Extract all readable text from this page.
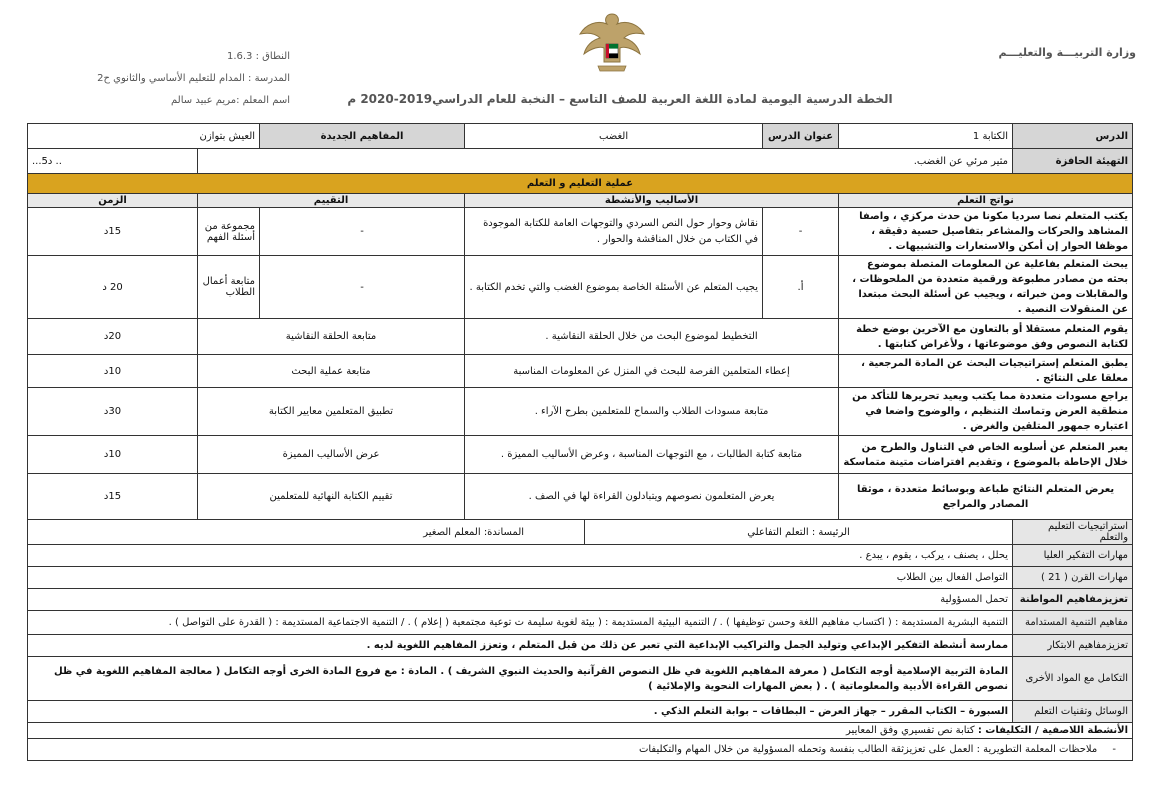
وزارة التربيـــة والتعليـــم
النطاق : 1.6.3
المدرسة : المدام للتعليم الأساسي والثانوي ح2
اسم المعلم :مريم عبيد سالم	الخطة الدرسية اليومية لمادة اللغة العربية للصف التاسع – النخبة للعام الدراسي2019-2020 م
الدرس	الكتابة 1	عنوان الدرس	الغضب		المفاهيم الجديدة	العيش بتوازن	
التهيئة الحافزة	مثير مرئي عن الغضب.						.. د5...
عملية التعليم و التعلم							
نواتج التعلم		الأساليب والأنشطة			التقييم		الزمن
يكتب المتعلم نصا سرديا مكونا من حدث مركزي ، واصفا المشاهد والحركات والمشاعر بتفاصيل حسية دقيقة ، موظفا الحوار إن أمكن والاستعارات والتشبيهات .		-	نقاش وحوار حول النص السردي والتوجهات العامة للكتابة الموجودة في الكتاب من خلال المناقشة والحوار .		-	مجموعة من أسئلة الفهم	15د
يبحث المتعلم بفاعلية عن المعلومات المتصلة بموضوع بحثه من مصادر مطبوعة ورقمية متعددة من الملحوظات ، والمقابلات ومن خبراته ، ويجيب عن أسئلة البحث مبتعدا عن المنقولات النصية .		أ.	يجيب المتعلم عن الأسئلة الخاصة بموضوع الغضب والتي تخدم الكتابة .		-	متابعة أعمال الطلاب	20 د
يقوم المتعلم مستقلا أو بالتعاون مع الآخرين بوضع خطة لكتابة النصوص وفق موضوعاتها ، ولأغراض كتابتها .		التخطيط لموضوع البحث من خلال الحلقة النقاشية .			متابعة الحلقة النقاشية		20د
يطبق المتعلم إستراتيجيات البحث عن المادة المرجعية ، معلقا على النتائج .		إعطاء المتعلمين الفرصة للبحث في المنزل عن المعلومات المناسبة			متابعة عملية البحث		10د
يراجع مسودات متعددة مما يكتب ويعيد تحريرها للتأكد من منطقية العرض وتماسك التنظيم ، والوضوح واضعا في اعتباره جمهور المتلقين والغرض .		متابعة مسودات الطلاب والسماح للمتعلمين بطرح الآراء .			تطبيق المتعلمين معايير الكتابة		30د
يعبر المتعلم عن أسلوبه الخاص في التناول والطرح من خلال الإحاطة بالموضوع ، وتقديم افتراضات متينة متماسكة		متابعة كتابة الطالبات ، مع التوجهات المناسبة ، وعرض الأساليب المميزة .			عرض الأساليب المميزة		10د
يعرض المتعلم النتائج طباعة وبوسائط متعددة ، موثقا المصادر والمراجع		يعرض المتعلمون نصوصهم ويتبادلون القراءة لها في الصف .			تقييم الكتابة النهائية للمتعلمين		15د
استراتيجيات التعليم والتعلم	الرئيسة : التعلم التفاعلي			المساندة: المعلم الصغير			
مهارات التفكير العليا	يحلل ، يصنف ، يركب ، يقوم ، يبدع .						
مهارات القرن ( 21 )	التواصل الفعال بين الطلاب						
تعزيزمفاهيم المواطنة	تحمل المسؤولية						
مفاهيم التنمية المستدامة	التنمية البشرية المستديمة : ( اكتساب مفاهيم اللغة وحسن توظيفها ) . / التنمية البيئية المستديمة : ( بيئة لغوية سليمة ت توعية مجتمعية ( إعلام ) . / التنمية الاجتماعية المستديمة : ( القدرة على التواصل ) .						
تعزيزمفاهيم الابتكار	ممارسة أنشطة التفكير الإبداعي وتوليد الجمل والتراكيب الإبداعية التي تعبر عن ذلك من قبل المتعلم ، وتعزز المفاهيم اللغوية لديه .						
التكامل مع المواد الأخرى	المادة التربية الإسلامية أوجه التكامل ( معرفة المفاهيم اللغوية في ظل النصوص القرآنية والحديث النبوي الشريف ) . المادة : مع فروع المادة الخرى أوجه التكامل ( معالجة المفاهيم اللغوية في ظل نصوص القراءة الأدبية والمعلوماتية ) . ( بعض المهارات النحوية والإملائية )						
الوسائل وتقنيات التعلم	السبورة – الكتاب المقرر – جهاز العرض – البطاقات – بوابة التعلم الذكي .						
الأنشطة اللاصفية / التكليفات : كتابة نص تفسيري وفق المعايير							
- ملاحظات المعلمة التطويرية : العمل على تعزيزثقة الطالب بنفسة وتحمله المسؤولية من خلال المهام والتكليفات							
